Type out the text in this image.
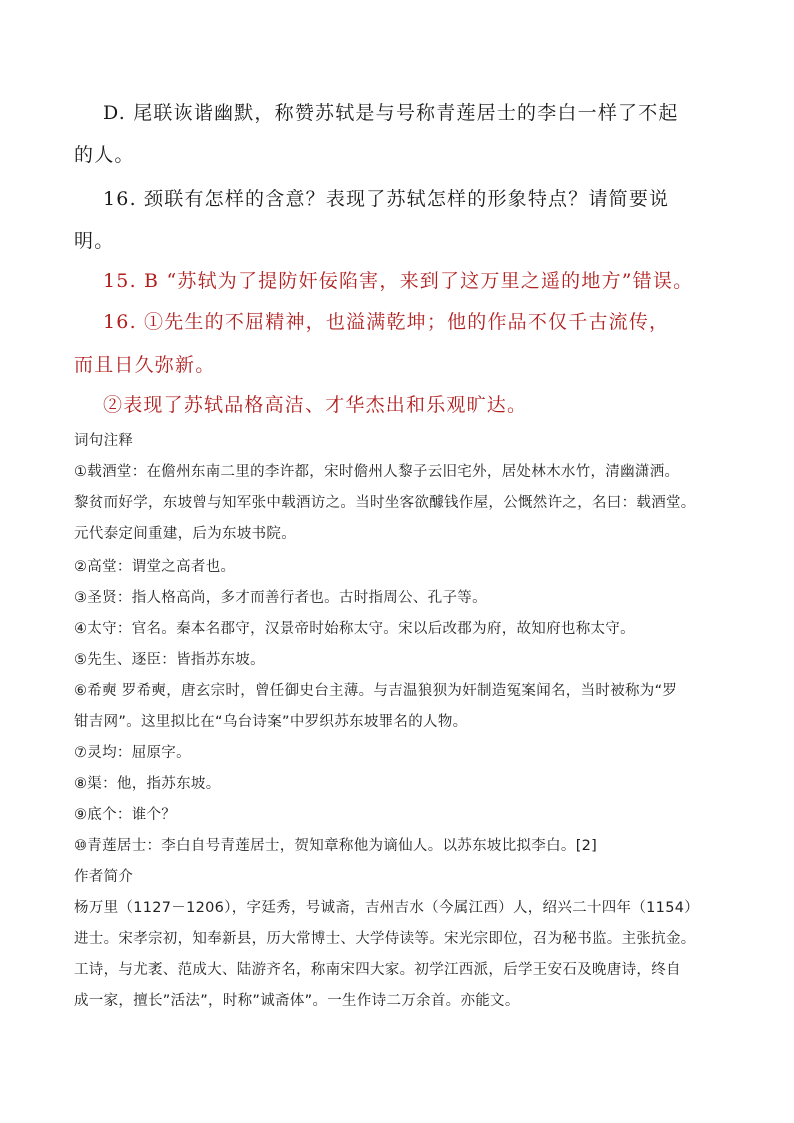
D. 尾联诙谐幽默，称赞苏轼是与号称青莲居士的李白一样了不起
的人。
16. 颈联有怎样的含意？表现了苏轼怎样的形象特点？请简要说
明。
15. B “苏轼为了提防奸佞陷害，来到了这万里之遥的地方”错误。
16. ①先生的不屈精神，也溢满乾坤；他的作品不仅千古流传，
而且日久弥新。
②表现了苏轼品格高洁、才华杰出和乐观旷达。
词句注释
①载酒堂：在儋州东南二里的李许都，宋时儋州人黎子云旧宅外，居处林木水竹，清幽潇洒。
黎贫而好学，东坡曾与知军张中载酒访之。当时坐客欲醵钱作屋，公慨然许之，名曰：载酒堂。
元代泰定间重建，后为东坡书院。
②高堂：谓堂之高者也。
③圣贤：指人格高尚，多才而善行者也。古时指周公、孔子等。
④太守：官名。秦本名郡守，汉景帝时始称太守。宋以后改郡为府，故知府也称太守。
⑤先生、逐臣：皆指苏东坡。
⑥希奭 罗希奭，唐玄宗时，曾任御史台主薄。与吉温狼狈为奸制造冤案闻名，当时被称为“罗
钳吉网”。这里拟比在“乌台诗案”中罗织苏东坡罪名的人物。
⑦灵均：屈原字。
⑧渠：他，指苏东坡。
⑨底个：谁个？
⑩青莲居士：李白自号青莲居士，贺知章称他为谪仙人。以苏东坡比拟李白。[2]
作者简介
杨万里（1127－1206），字廷秀，号诚斋，吉州吉水（今属江西）人，绍兴二十四年（1154）
进士。宋孝宗初，知奉新县，历大常博士、大学侍读等。宋光宗即位，召为秘书监。主张抗金。
工诗，与尤袤、范成大、陆游齐名，称南宋四大家。初学江西派，后学王安石及晚唐诗，终自
成一家，擅长”活法”，时称”诚斋体”。一生作诗二万余首。亦能文。
